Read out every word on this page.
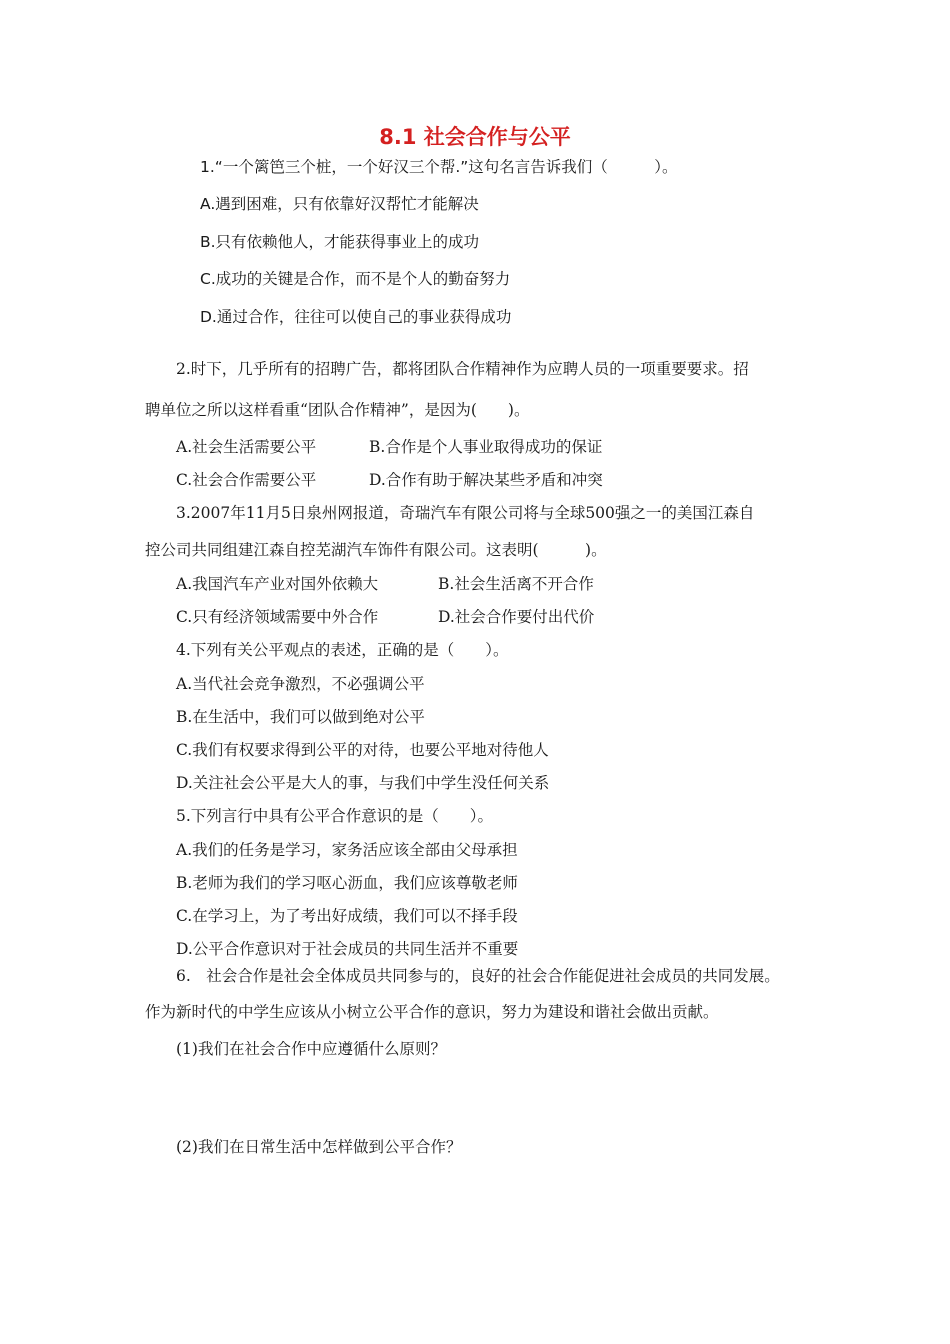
8.1 社会合作与公平
1.“一个篱笆三个桩，一个好汉三个帮.”这句名言告诉我们（　　　）。
A.遇到困难，只有依靠好汉帮忙才能解决
B.只有依赖他人，才能获得事业上的成功
C.成功的关键是合作，而不是个人的勤奋努力
D.通过合作，往往可以使自己的事业获得成功
2.时下，几乎所有的招聘广告，都将团队合作精神作为应聘人员的一项重要要求。招
聘单位之所以这样看重“团队合作精神”，是因为(　　)。
A.社会生活需要公平	B.合作是个人事业取得成功的保证
C.社会合作需要公平	D.合作有助于解决某些矛盾和冲突
3.2007年11月5日泉州网报道，奇瑞汽车有限公司将与全球500强之一的美国江森自
控公司共同组建江森自控芜湖汽车饰件有限公司。这表明(　　　)。
A.我国汽车产业对国外依赖大	B.社会生活离不开合作
C.只有经济领域需要中外合作	D.社会合作要付出代价
4.下列有关公平观点的表述，正确的是（　　）。
A.当代社会竞争激烈，不必强调公平
B.在生活中，我们可以做到绝对公平
C.我们有权要求得到公平的对待，也要公平地对待他人
D.关注社会公平是大人的事，与我们中学生没任何关系
5.下列言行中具有公平合作意识的是（　　）。
A.我们的任务是学习，家务活应该全部由父母承担
B.老师为我们的学习呕心沥血，我们应该尊敬老师
C.在学习上，为了考出好成绩，我们可以不择手段
D.公平合作意识对于社会成员的共同生活并不重要
6.　社会合作是社会全体成员共同参与的，良好的社会合作能促进社会成员的共同发展。
作为新时代的中学生应该从小树立公平合作的意识，努力为建设和谐社会做出贡献。
(1)我们在社会合作中应遵循什么原则？
(2)我们在日常生活中怎样做到公平合作？
